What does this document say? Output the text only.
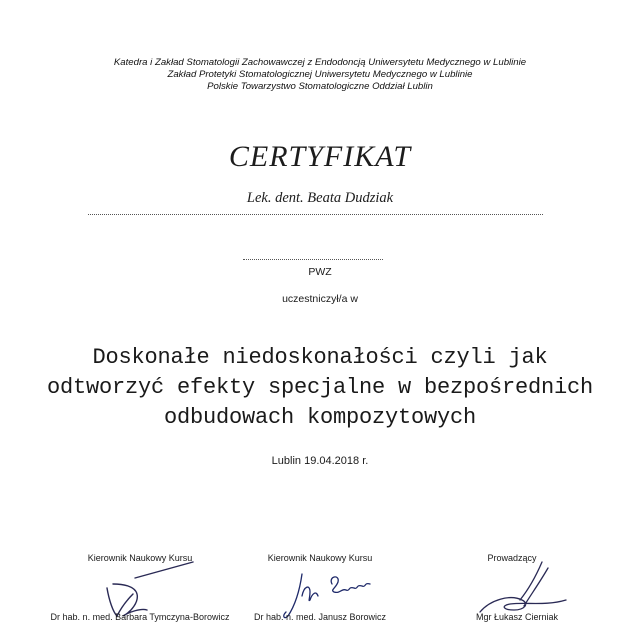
Katedra i Zakład Stomatologii Zachowawczej z Endodoncją Uniwersytetu Medycznego w Lublinie
Zakład Protetyki Stomatologicznej Uniwersytetu Medycznego w Lublinie
Polskie Towarzystwo Stomatologiczne Oddział Lublin
CERTYFIKAT
Lek. dent. Beata Dudziak
PWZ
uczestniczył/a w
Doskonałe niedoskonałości czyli jak
odtworzyć efekty specjalne w bezpośrednich
odbudowach kompozytowych
Lublin 19.04.2018 r.
Kierownik Naukowy Kursu
Dr hab. n. med. Barbara Tymczyna-Borowicz
Kierownik Naukowy Kursu
Dr hab. n. med. Janusz Borowicz
Prowadzący
Mgr Łukasz Cierniak
